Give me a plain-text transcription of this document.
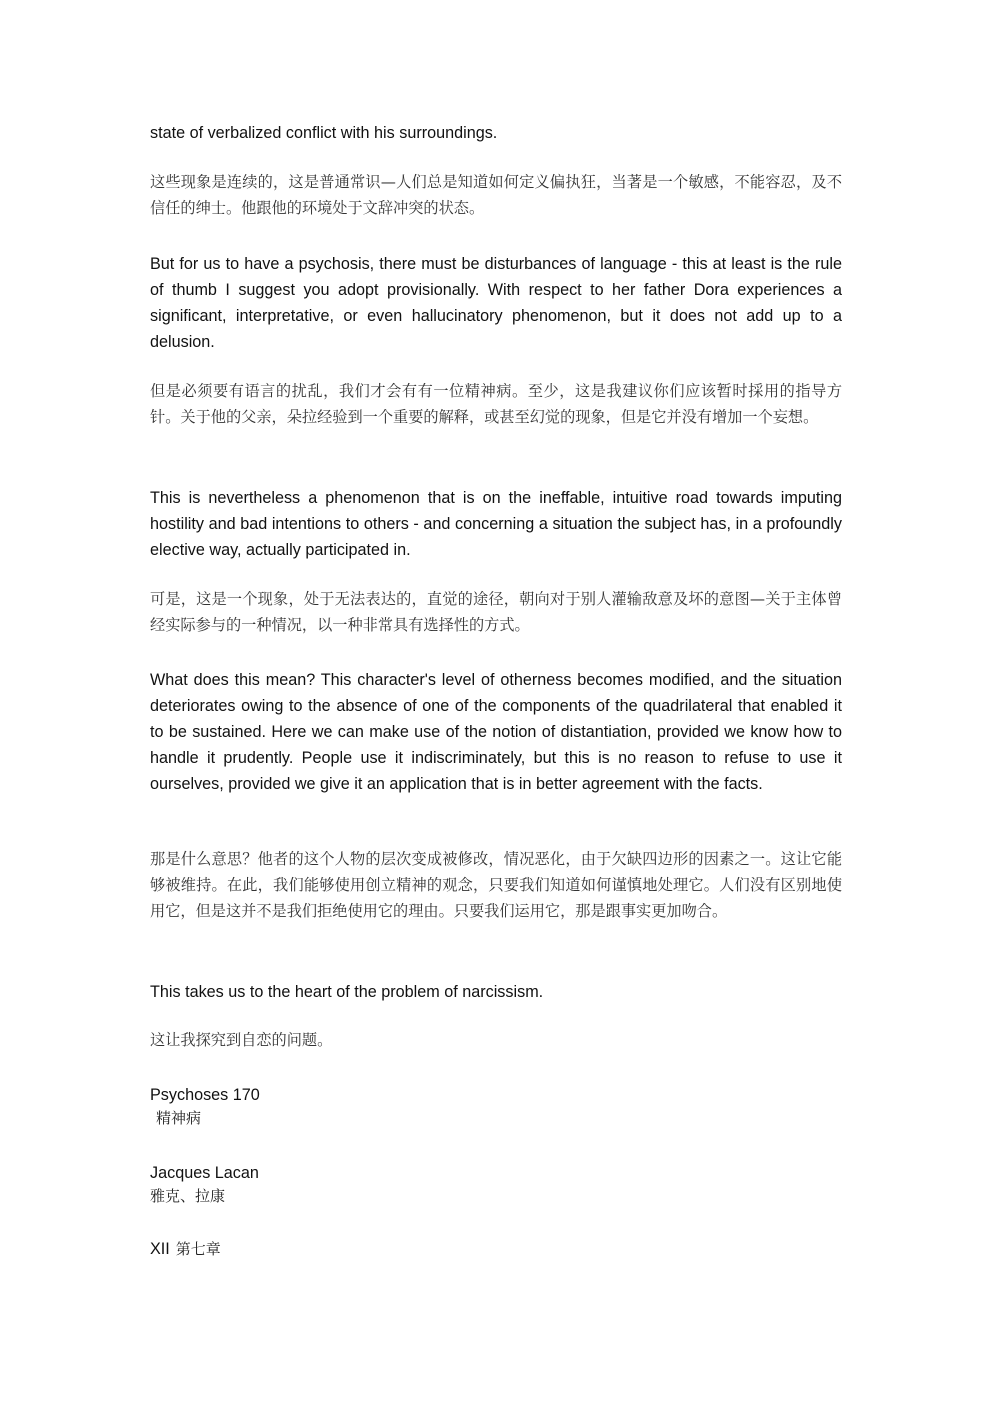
state of verbalized conflict with his surroundings.

这些现象是连续的，这是普通常识—人们总是知道如何定义偏执狂，当著是一个敏感，不能容忍，及不信任的绅士。他跟他的环境处于文辞冲突的状态。

But for us to have a psychosis, there must be disturbances of language - this at least is the rule of thumb I suggest you adopt provisionally. With respect to her father Dora experiences a significant, interpretative, or even hallucinatory phenomenon, but it does not add up to a delusion.

但是必须要有语言的扰乱，我们才会有有一位精神病。至少，这是我建议你们应该暂时採用的指导方针。关于他的父亲，朵拉经验到一个重要的解释，或甚至幻觉的现象，但是它并没有增加一个妄想。

This is nevertheless a phenomenon that is on the ineffable, intuitive road towards imputing hostility and bad intentions to others - and concerning a situation the subject has, in a profoundly elective way, actually participated in.

可是，这是一个现象，处于无法表达的，直觉的途径，朝向对于别人灌输敌意及坏的意图—关于主体曾经实际参与的一种情况，以一种非常具有选择性的方式。

What does this mean? This character's level of otherness becomes modified, and the situation deteriorates owing to the absence of one of the components of the quadrilateral that enabled it to be sustained. Here we can make use of the notion of distantiation, provided we know how to handle it prudently. People use it indiscriminately, but this is no reason to refuse to use it ourselves, provided we give it an application that is in better agreement with the facts.

那是什么意思？他者的这个人物的层次变成被修改，情况恶化，由于欠缺四边形的因素之一。这让它能够被维持。在此，我们能够使用创立精神的观念，只要我们知道如何谨慎地处理它。人们没有区别地使用它，但是这并不是我们拒绝使用它的理由。只要我们运用它，那是跟事实更加吻合。

This takes us to the heart of the problem of narcissism.

这让我探究到自恋的问题。

Psychoses 170

精神病

Jacques Lacan

雅克、拉康

XII 第七章
